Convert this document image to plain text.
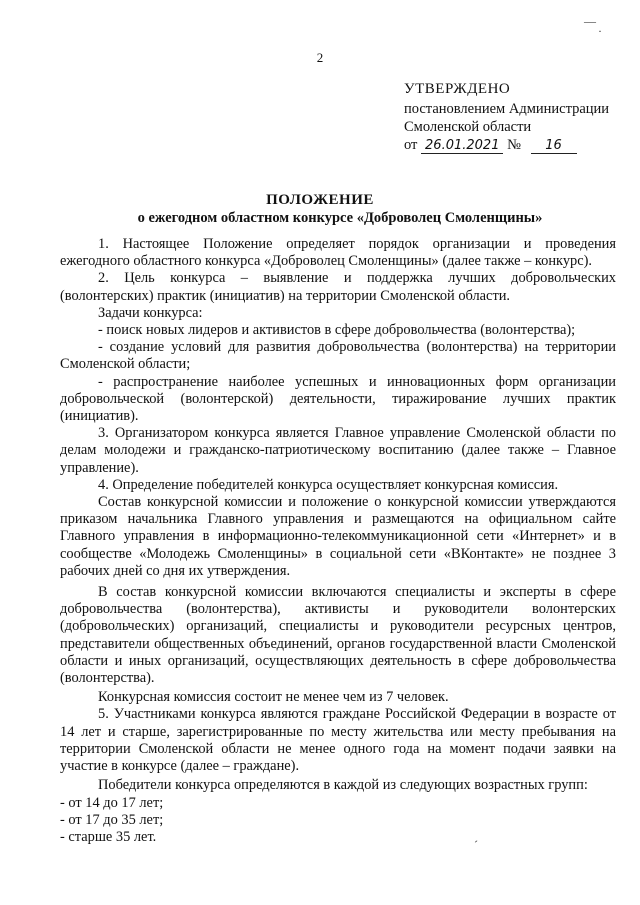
—
·
´
2
УТВЕРЖДЕНО
постановлением Администрации
Смоленской области
от 26.01.2021 № 16
ПОЛОЖЕНИЕ
о ежегодном областном конкурсе «Доброволец Смоленщины»

1. Настоящее Положение определяет порядок организации и проведения ежегодного областного конкурса «Доброволец Смоленщины» (далее также – конкурс).

2. Цель конкурса – выявление и поддержка лучших добровольческих (волонтерских) практик (инициатив) на территории Смоленской области.

Задачи конкурса:

- поиск новых лидеров и активистов в сфере добровольчества (волонтерства);

- создание условий для развития добровольчества (волонтерства) на территории Смоленской области;

- распространение наиболее успешных и инновационных форм организации добровольческой (волонтерской) деятельности, тиражирование лучших практик (инициатив).

3. Организатором конкурса является Главное управление Смоленской области по делам молодежи и гражданско-патриотическому воспитанию (далее также – Главное управление).

4. Определение победителей конкурса осуществляет конкурсная комиссия.

Состав конкурсной комиссии и положение о конкурсной комиссии утверждаются приказом начальника Главного управления и размещаются на официальном сайте Главного управления в информационно-телекоммуникационной сети «Интернет» и в сообществе «Молодежь Смоленщины» в социальной сети «ВКонтакте» не позднее 3 рабочих дней со дня их утверждения.

В состав конкурсной комиссии включаются специалисты и эксперты в сфере добровольчества (волонтерства), активисты и руководители волонтерских (добровольческих) организаций, специалисты и руководители ресурсных центров, представители общественных объединений, органов государственной власти Смоленской области и иных организаций, осуществляющих деятельность в сфере добровольчества (волонтерства).

Конкурсная комиссия состоит не менее чем из 7 человек.

5. Участниками конкурса являются граждане Российской Федерации в возрасте от 14 лет и старше, зарегистрированные по месту жительства или месту пребывания на территории Смоленской области не менее одного года на момент подачи заявки на участие в конкурсе (далее – граждане).

Победители конкурса определяются в каждой из следующих возрастных групп:

- от 14 до 17 лет;

- от 17 до 35 лет;

- старше 35 лет.
